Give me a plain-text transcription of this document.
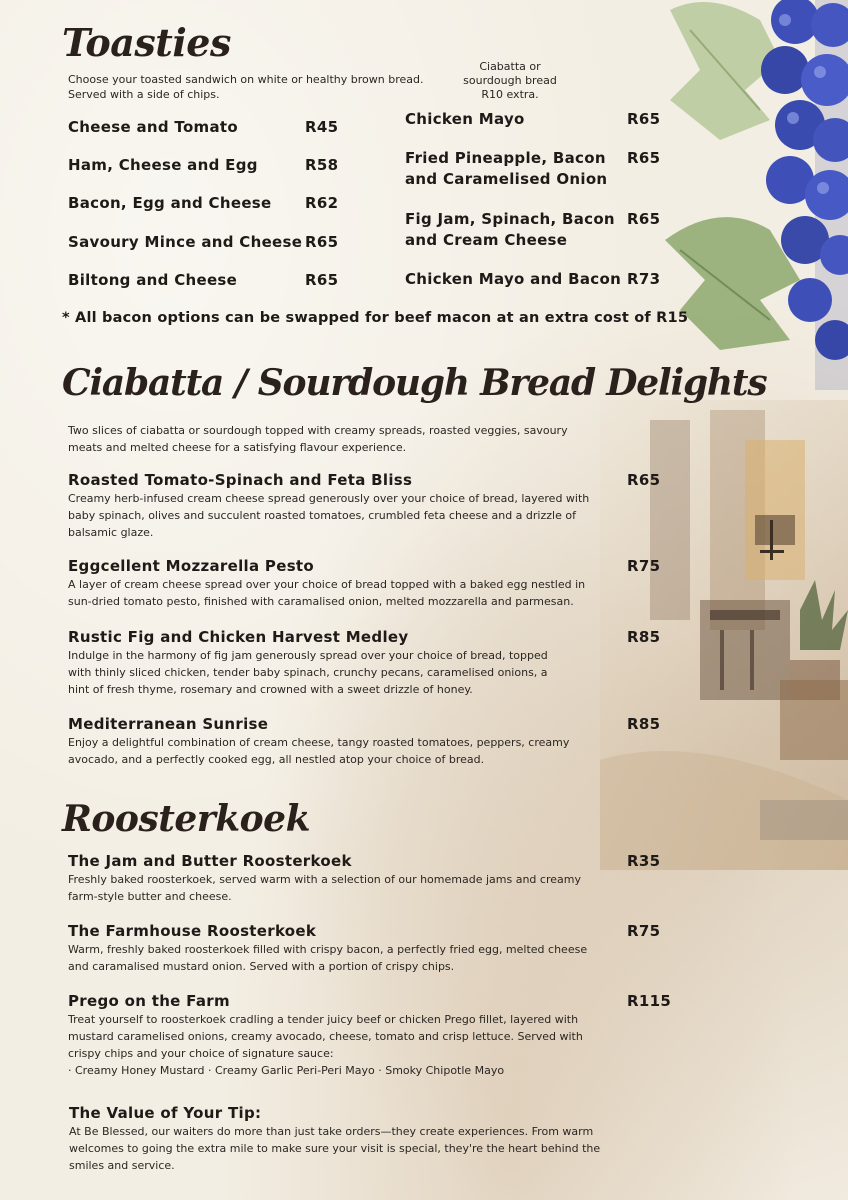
Toasties
Choose your toasted sandwich on white or healthy brown bread.
Served with a side of chips.
Ciabatta or
sourdough bread
R10 extra.
Cheese and Tomato	R45
Ham, Cheese and Egg	R58
Bacon, Egg and Cheese R62
Savoury Mince and Cheese R65
Biltong and Cheese	R65
Chicken Mayo	R65
Fried Pineapple, Bacon
and Caramelised Onion
R65
Fig Jam, Spinach, Bacon
and Cream Cheese
R65
Chicken Mayo and Bacon R73
* All bacon options can be swapped for beef macon at an extra cost of R15
Ciabatta / Sourdough Bread Delights
Two slices of ciabatta or sourdough topped with creamy spreads, roasted veggies, savoury
meats and melted cheese for a satisfying flavour experience.
Roasted Tomato-Spinach and Feta Bliss	R65
Creamy herb-infused cream cheese spread generously over your choice of bread, layered with
baby spinach, olives and succulent roasted tomatoes, crumbled feta cheese and a drizzle of
balsamic glaze.
Eggcellent Mozzarella Pesto	R75
A layer of cream cheese spread over your choice of bread topped with a baked egg nestled in
sun-dried tomato pesto, finished with caramalised onion, melted mozzarella and parmesan.
Rustic Fig and Chicken Harvest Medley	R85
Indulge in the harmony of fig jam generously spread over your choice of bread, topped
with thinly sliced chicken, tender baby spinach, crunchy pecans, caramelised onions, a
hint of fresh thyme, rosemary and crowned with a sweet drizzle of honey.
Mediterranean Sunrise	R85
Enjoy a delightful combination of cream cheese, tangy roasted tomatoes, peppers, creamy
avocado, and a perfectly cooked egg, all nestled atop your choice of bread.
Roosterkoek
The Jam and Butter Roosterkoek	R35
Freshly baked roosterkoek, served warm with a selection of our homemade jams and creamy
farm-style butter and cheese.
The Farmhouse Roosterkoek	R75
Warm, freshly baked roosterkoek filled with crispy bacon, a perfectly fried egg, melted cheese
and caramalised mustard onion. Served with a portion of crispy chips.
Prego on the Farm	R115
Treat yourself to roosterkoek cradling a tender juicy beef or chicken Prego fillet, layered with
mustard caramelised onions, creamy avocado, cheese, tomato and crisp lettuce. Served with
crispy chips and your choice of signature sauce:
· Creamy Honey Mustard · Creamy Garlic Peri-Peri Mayo · Smoky Chipotle Mayo
The Value of Your Tip:
At Be Blessed, our waiters do more than just take orders—they create experiences. From warm
welcomes to going the extra mile to make sure your visit is special, they're the heart behind the
smiles and service.
